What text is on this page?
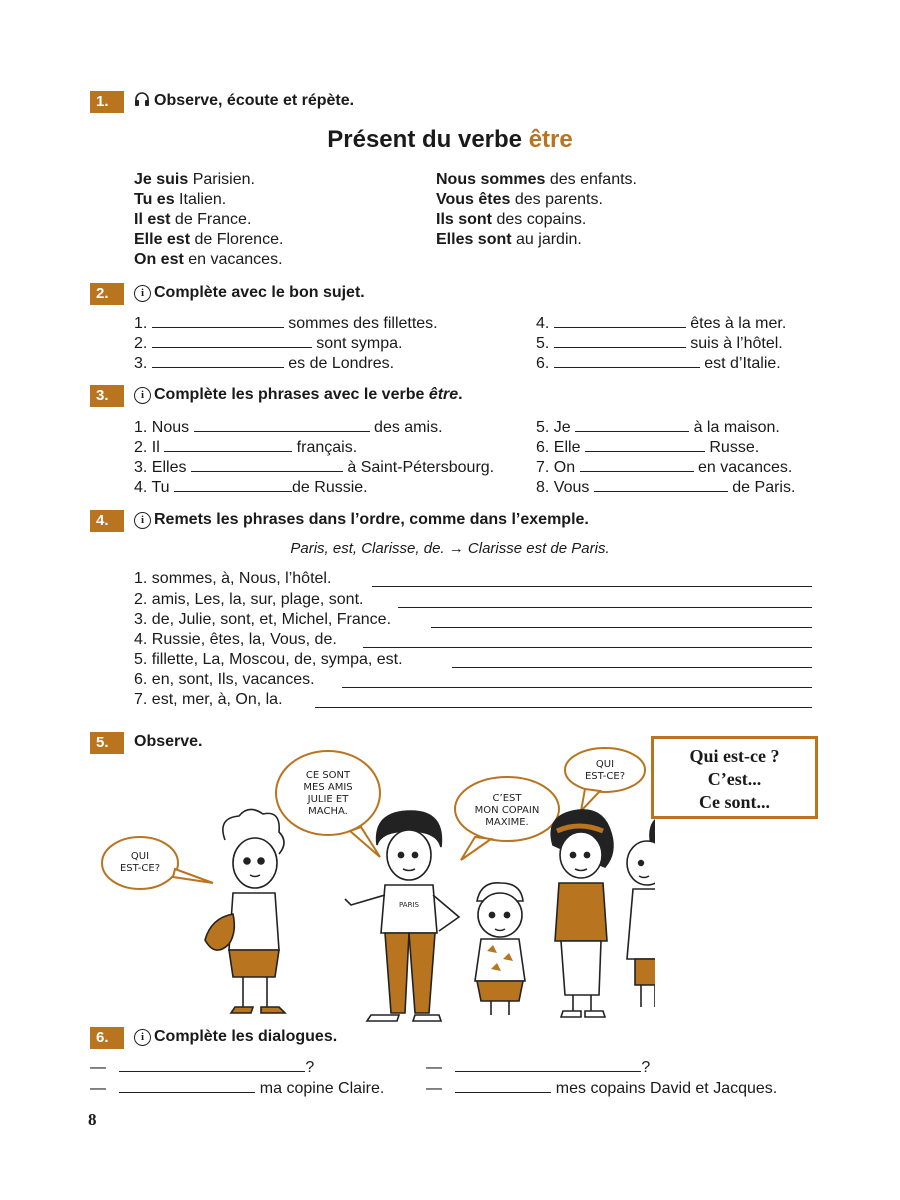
1.	Observe, écoute et répète.
Présent du verbe être
Je suis Parisien.
Tu es Italien.
Il est de France.
Elle est de Florence.
On est en vacances.
Nous sommes des enfants.
Vous êtes des parents.
Ils sont des copains.
Elles sont au jardin.
2.	i Complète avec le bon sujet.
1.	sommes des fillettes.
2.	sont sympa.
3.	es de Londres.
4.	êtes à la mer.
5.	suis à l’hôtel.
6.	est d’Italie.
3.	i Complète les phrases avec le verbe être.
1. Nous	des amis.
2. Il	français.
3. Elles	à Saint-Pétersbourg.
4. Tu	de Russie.
5. Je	à la maison.
6. Elle	Russe.
7. On	en vacances.
8. Vous	de Paris.
4.	i Remets les phrases dans l’ordre, comme dans l’exemple.
Paris, est, Clarisse, de. → Clarisse est de Paris.
1. sommes, à, Nous, l’hôtel.
2. amis, Les, la, sur, plage, sont.
3. de, Julie, sont, et, Michel, France.
4. Russie, êtes, la, Vous, de.
5. fillette, La, Moscou, de, sympa, est.
6. en, sont, Ils, vacances.
7. est, mer, à, On, la.
5.	Observe.
Qui est-ce ?
C’est...
Ce sont...
QUI
EST-CE?
CE SONT
MES AMIS
JULIE ET
MACHA.
C’EST
MON COPAIN
MAXIME.
QUI
EST-CE?
PARIS
6.	i Complète les dialogues.
—	?
—	ma copine Claire.
—	?
—	mes copains David et Jacques.
8
